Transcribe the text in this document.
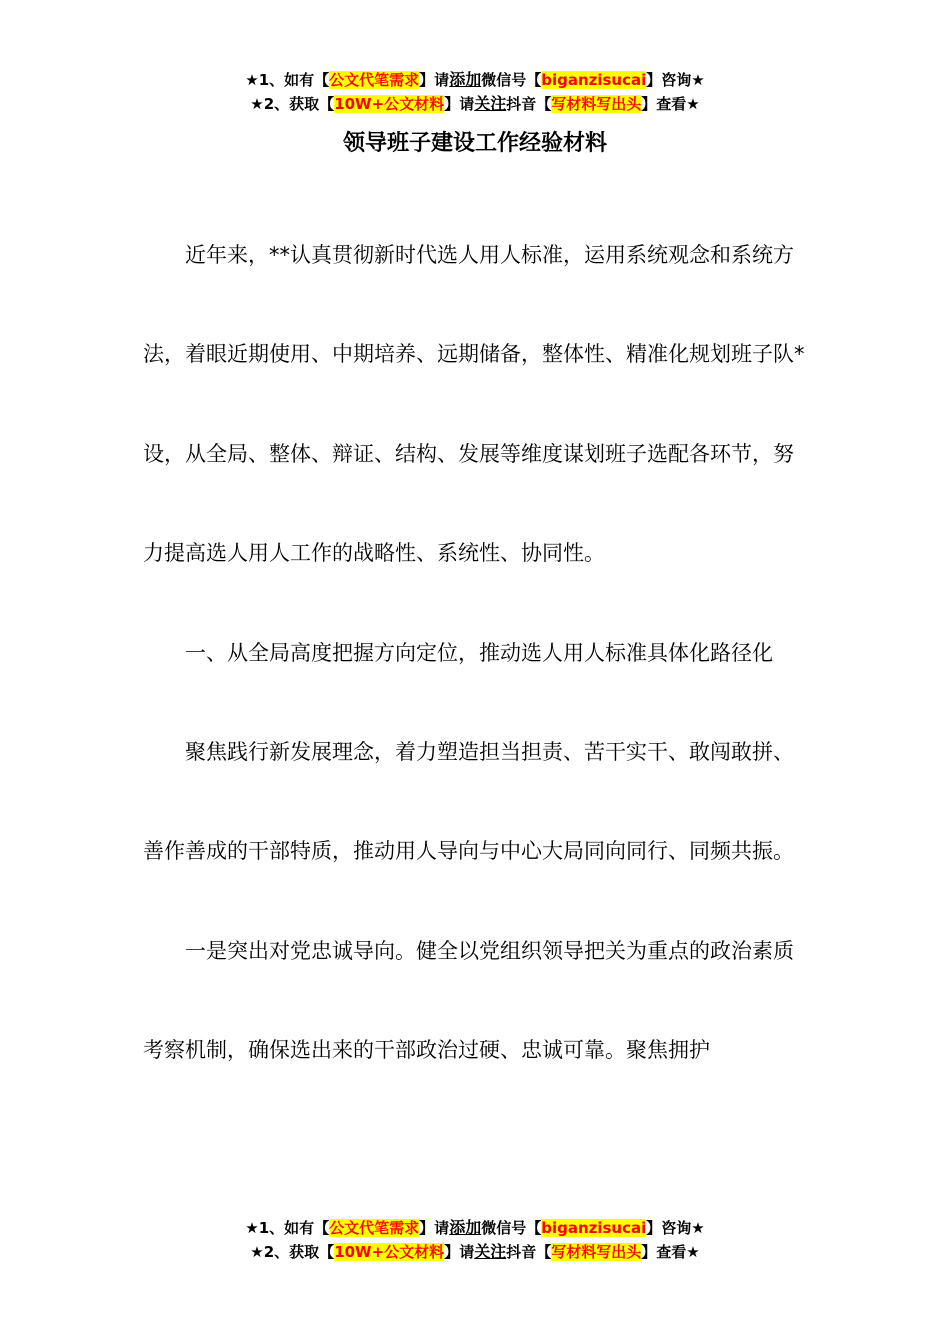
★1、如有【公文代笔需求】请添加微信号【biganzisucai】咨询★
★2、获取【10W+公文材料】请关注抖音【写材料写出头】查看★
领导班子建设工作经验材料

近年来，**认真贯彻新时代选人用人标准，运用系统观念和系统方法，着眼近期使用、中期培养、远期储备，整体性、精准化规划班子队*设，从全局、整体、辩证、结构、发展等维度谋划班子选配各环节，努力提高选人用人工作的战略性、系统性、协同性。

一、从全局高度把握方向定位，推动选人用人标准具体化路径化

聚焦践行新发展理念，着力塑造担当担责、苦干实干、敢闯敢拼、善作善成的干部特质，推动用人导向与中心大局同向同行、同频共振。

一是突出对党忠诚导向。健全以党组织领导把关为重点的政治素质考察机制，确保选出来的干部政治过硬、忠诚可靠。聚焦拥护

★1、如有【公文代笔需求】请添加微信号【biganzisucai】咨询★
★2、获取【10W+公文材料】请关注抖音【写材料写出头】查看★
